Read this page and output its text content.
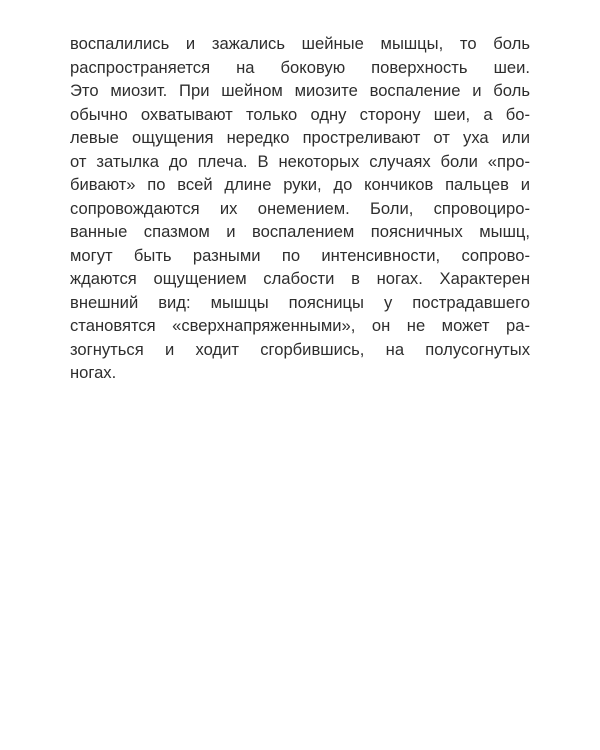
воспалились и зажались шейные мышцы, то боль
распространяется на боковую поверхность шеи.
Это миозит. При шейном миозите воспаление и боль
обычно охватывают только одну сторону шеи, а бо-
левые ощущения нередко простреливают от уха или
от затылка до плеча. В некоторых случаях боли «про-
бивают» по всей длине руки, до кончиков пальцев и
сопровождаются их онемением. Боли, спровоциро-
ванные спазмом и воспалением поясничных мышц,
могут быть разными по интенсивности, сопрово-
ждаются ощущением слабости в ногах. Характерен
внешний вид: мышцы поясницы у пострадавшего
становятся «сверхнапряженными», он не может ра-
зогнуться и ходит сгорбившись, на полусогнутых
ногах.
